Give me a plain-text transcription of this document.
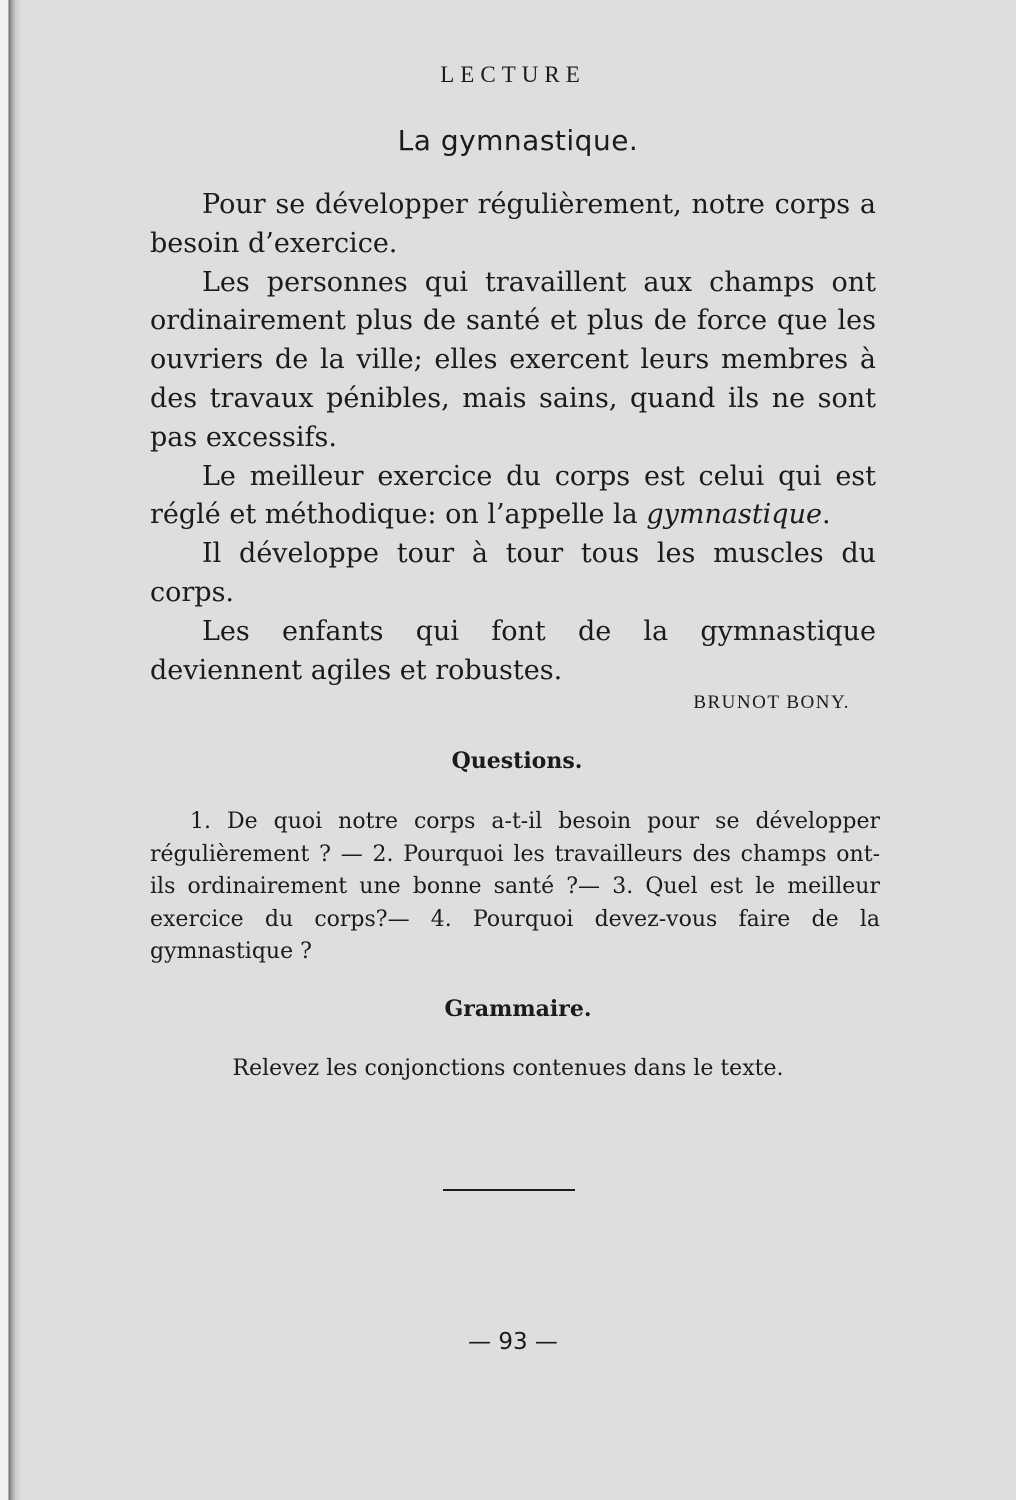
LECTURE
La gymnastique.

Pour se développer régulièrement, notre corps a besoin d’exercice.

Les personnes qui travaillent aux champs ont ordinairement plus de santé et plus de force que les ouvriers de la ville; elles exercent leurs membres à des travaux pénibles, mais sains, quand ils ne sont pas excessifs.

Le meilleur exercice du corps est celui qui est réglé et méthodique: on l’appelle la gymnastique.

Il développe tour à tour tous les muscles du corps.

Les enfants qui font de la gymnastique deviennent agiles et robustes.

BRUNOT BONY.
Questions.

1. De quoi notre corps a-t-il besoin pour se développer régulièrement ? — 2. Pourquoi les travailleurs des champs ont-ils ordinairement une bonne santé ?— 3. Quel est le meilleur exercice du corps?— 4. Pourquoi devez-vous faire de la gymnastique ?

Grammaire.
Relevez les conjonctions contenues dans le texte.
— 93 —
